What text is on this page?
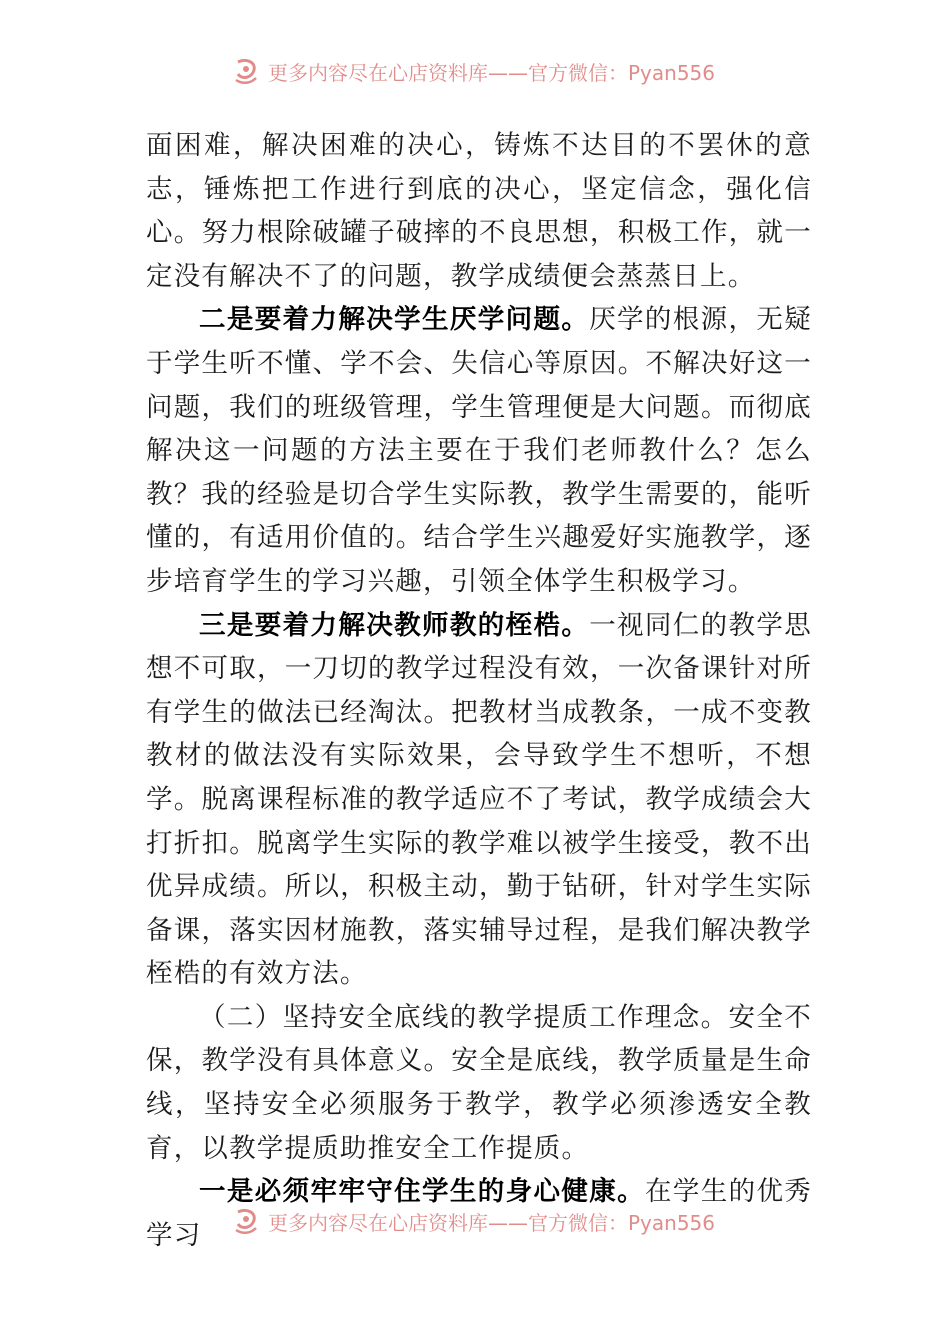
更多内容尽在心店资料库——官方微信：Pyan556

面困难，解决困难的决心，铸炼不达目的不罢休的意志，锤炼把工作进行到底的决心，坚定信念，强化信心。努力根除破罐子破摔的不良思想，积极工作，就一定没有解决不了的问题，教学成绩便会蒸蒸日上。

二是要着力解决学生厌学问题。厌学的根源，无疑于学生听不懂、学不会、失信心等原因。不解决好这一问题，我们的班级管理，学生管理便是大问题。而彻底解决这一问题的方法主要在于我们老师教什么？怎么教？我的经验是切合学生实际教，教学生需要的，能听懂的，有适用价值的。结合学生兴趣爱好实施教学，逐步培育学生的学习兴趣，引领全体学生积极学习。

三是要着力解决教师教的桎梏。一视同仁的教学思想不可取，一刀切的教学过程没有效，一次备课针对所有学生的做法已经淘汰。把教材当成教条，一成不变教教材的做法没有实际效果，会导致学生不想听，不想学。脱离课程标准的教学适应不了考试，教学成绩会大打折扣。脱离学生实际的教学难以被学生接受，教不出优异成绩。所以，积极主动，勤于钻研，针对学生实际备课，落实因材施教，落实辅导过程，是我们解决教学桎梏的有效方法。

（二）坚持安全底线的教学提质工作理念。安全不保，教学没有具体意义。安全是底线，教学质量是生命线，坚持安全必须服务于教学，教学必须渗透安全教育，以教学提质助推安全工作提质。

一是必须牢牢守住学生的身心健康。在学生的优秀学习	更多内容尽在心店资料库——官方微信：Pyan556
